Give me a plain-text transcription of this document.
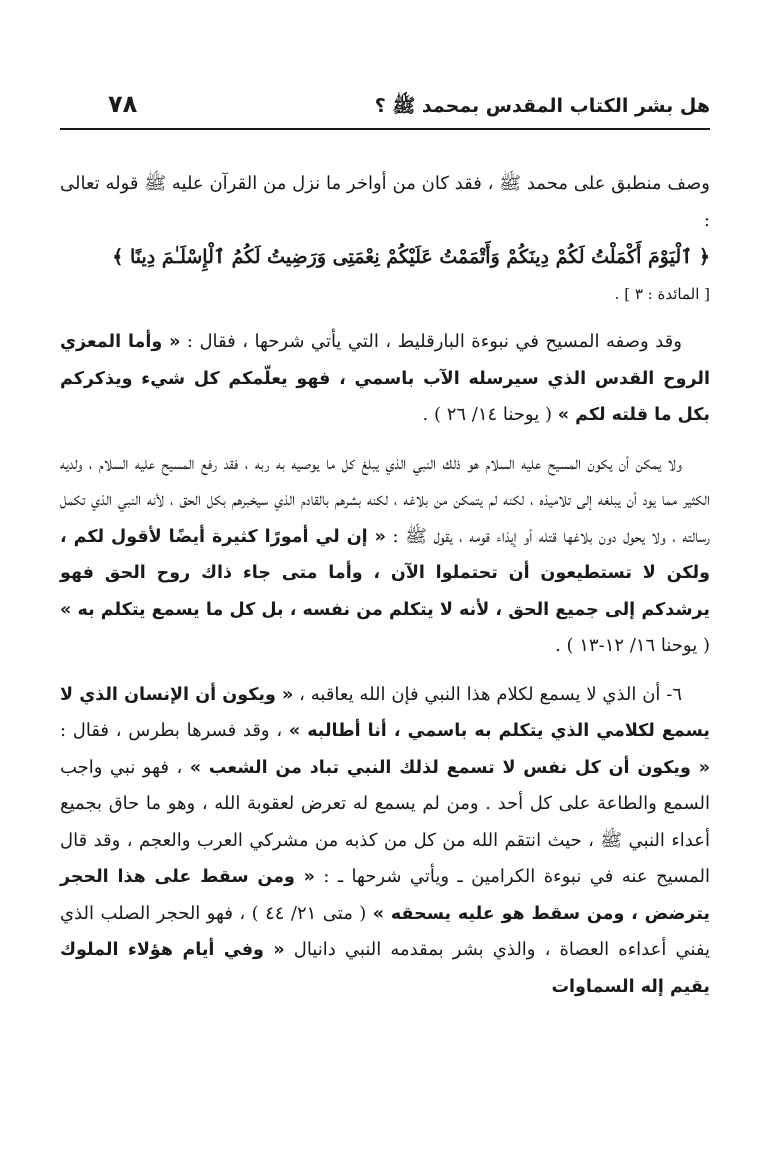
هل بشر الكتاب المقدس بمحمد ﷺ ؟
٧٨

وصف منطبق على محمد ﷺ ، فقد كان من أواخر ما نزل من القرآن عليه ﷺ قوله تعالى :
﴿ ٱلْيَوْمَ أَكْمَلْتُ لَكُمْ دِينَكُمْ وَأَتْمَمْتُ عَلَيْكُمْ نِعْمَتِى وَرَضِيتُ لَكُمُ ٱلْإِسْلَـٰمَ دِينًا ﴾
[ المائدة : ٣ ] .

وقد وصفه المسيح في نبوءة البارقليط ، التي يأتي شرحها ، فقال : « وأما المعزي الروح القدس الذي سيرسله الآب باسمي ، فهو يعلّمكم كل شيء ويذكركم بكل ما قلته لكم » ( يوحنا ١٤/ ٢٦ ) .

ولا يمكن أن يكون المسيح عليه السلام هو ذلك النبي الذي يبلغ كل ما يوصيه به ربه ، فقد رفع المسيح عليه السلام ، ولديه الكثير مما يود أن يبلغه إلى تلاميذه ، لكنه لم يتمكن من بلاغه ، لكنه بشرهم بالقادم الذي سيخبرهم بكل الحق ، لأنه النبي الذي تكمل رسالته ، ولا يحول دون بلاغها قتله أو إيذاء قومه ، يقول ﷺ : « إن لي أمورًا كثيرة أيضًا لأقول لكم ، ولكن لا تستطيعون أن تحتملوا الآن ، وأما متى جاء ذاك روح الحق فهو يرشدكم إلى جميع الحق ، لأنه لا يتكلم من نفسه ، بل كل ما يسمع يتكلم به » ( يوحنا ١٦/ ١٢-١٣ ) .

٦- أن الذي لا يسمع لكلام هذا النبي فإن الله يعاقبه ، « ويكون أن الإنسان الذي لا يسمع لكلامي الذي يتكلم به باسمي ، أنا أطالبه » ، وقد فسرها بطرس ، فقال : « ويكون أن كل نفس لا تسمع لذلك النبي تباد من الشعب » ، فهو نبي واجب السمع والطاعة على كل أحد . ومن لم يسمع له تعرض لعقوبة الله ، وهو ما حاق بجميع أعداء النبي ﷺ ، حيث انتقم الله من كل من كذبه من مشركي العرب والعجم ، وقد قال المسيح عنه في نبوءة الكرامين ـ ويأتي شرحها ـ : « ومن سقط على هذا الحجر يترضض ، ومن سقط هو عليه يسحقه » ( متى ٢١/ ٤٤ ) ، فهو الحجر الصلب الذي يفني أعداءه العصاة ، والذي بشر بمقدمه النبي دانيال « وفي أيام هؤلاء الملوك يقيم إله السماوات
